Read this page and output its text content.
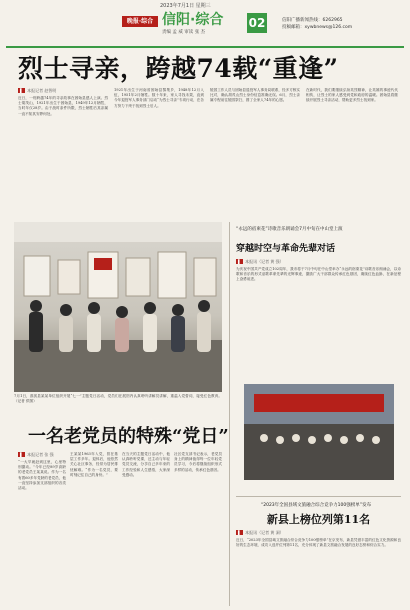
2023年7月1日 星期三
晚报·综合 信阳·综合
责编 孟 威 审读 张 杰
02	信阳广播新闻热线：6262965
投稿邮箱：xywbnews@126.com
烈士寻亲，跨越74载“重逢”
▌ 本报记者 赵智明
近日，一则跨越74年的寻亲故事在固始县感人上演。烈士胡茂山，1921年出生于固始县，1949年12月牺牲，当时年仅28岁。由于战时条件所限，烈士牺牲后其亲属一直不知其安葬何处。
1921年出生于河南省固始县黎集乡，1948年12月入伍，1951年2月牺牲。数十年来，家人寻找未果，直到今年退役军人事务部门启动“为烈士寻亲”专项行动，在各方努力下终于找到烈士后人。
陵园工作人员与固始县退役军人事务局联系，经多方核实比对，确认胡茂山烈士身份信息准确无误。6月，烈士亲属专程前往陵园祭扫，圆了全家人74年的心愿。
在新时代，我们要继续弘扬英烈精神，让英雄的事迹代代相传，让烈士的家人感受到党和政府的温暖。固始县将继续开展烈士寻亲活动，帮助更多烈士找到家。
7月1日，淮滨县某某单位组织开展“七一”主题党日活动，党员们在展馆内认真聆听讲解员讲解，重温入党誓词，接受红色教育。（记者 供图）
一名老党员的特殊“党日”
▌ 本报记者 张 强
“一大早就赶到这里，心里特别激动。”今年已经89岁高龄的老党员王某某说。作为一名有着60多年党龄的老党员，他一直坚持参加支部组织的各类活动。
王某某1963年入党，曾在基层工作多年。退休后，他依然关心社区事务，经常为居民排忧解难。“作为一名党员，要时刻记住自己的身份。”
在当天的主题党日活动中，他认真聆听党课，还主动与年轻党员交流，分享自己多年来的工作经验和人生感悟，大家深受感动。
社区党支部书记表示，老党员身上的精神值得每一位年轻党员学习，今后将继续组织形式多样的活动，传承红色基因。
“永远的宿柬花”诗歌音乐朗诵会7月中旬在中山堂上演
穿越时空与革命先辈对话
▌ 本报讯（记者 黄 强）
为庆祝中国共产党成立102周年，我市将于7月中旬在中山堂举办“永远的宿柬花”诗歌音乐朗诵会，以诗歌和音乐的形式讴歌革命先辈的光辉事迹，激励广大干部群众传承红色基因，赓续红色血脉，在新征程上奋勇前进。
“2023年全国县域文旅融合综合竞争力100强榜单”发布
新县上榜位列第11名
▌ 本报讯（记者 黄 洞）
近日，“2023年全国县域文旅融合综合竞争力100强榜单”在京发布，新县凭借丰富的红色文化资源和良好的生态环境，成功入选并位列第11名，充分体现了新县文旅融合发展的良好态势和综合实力。
